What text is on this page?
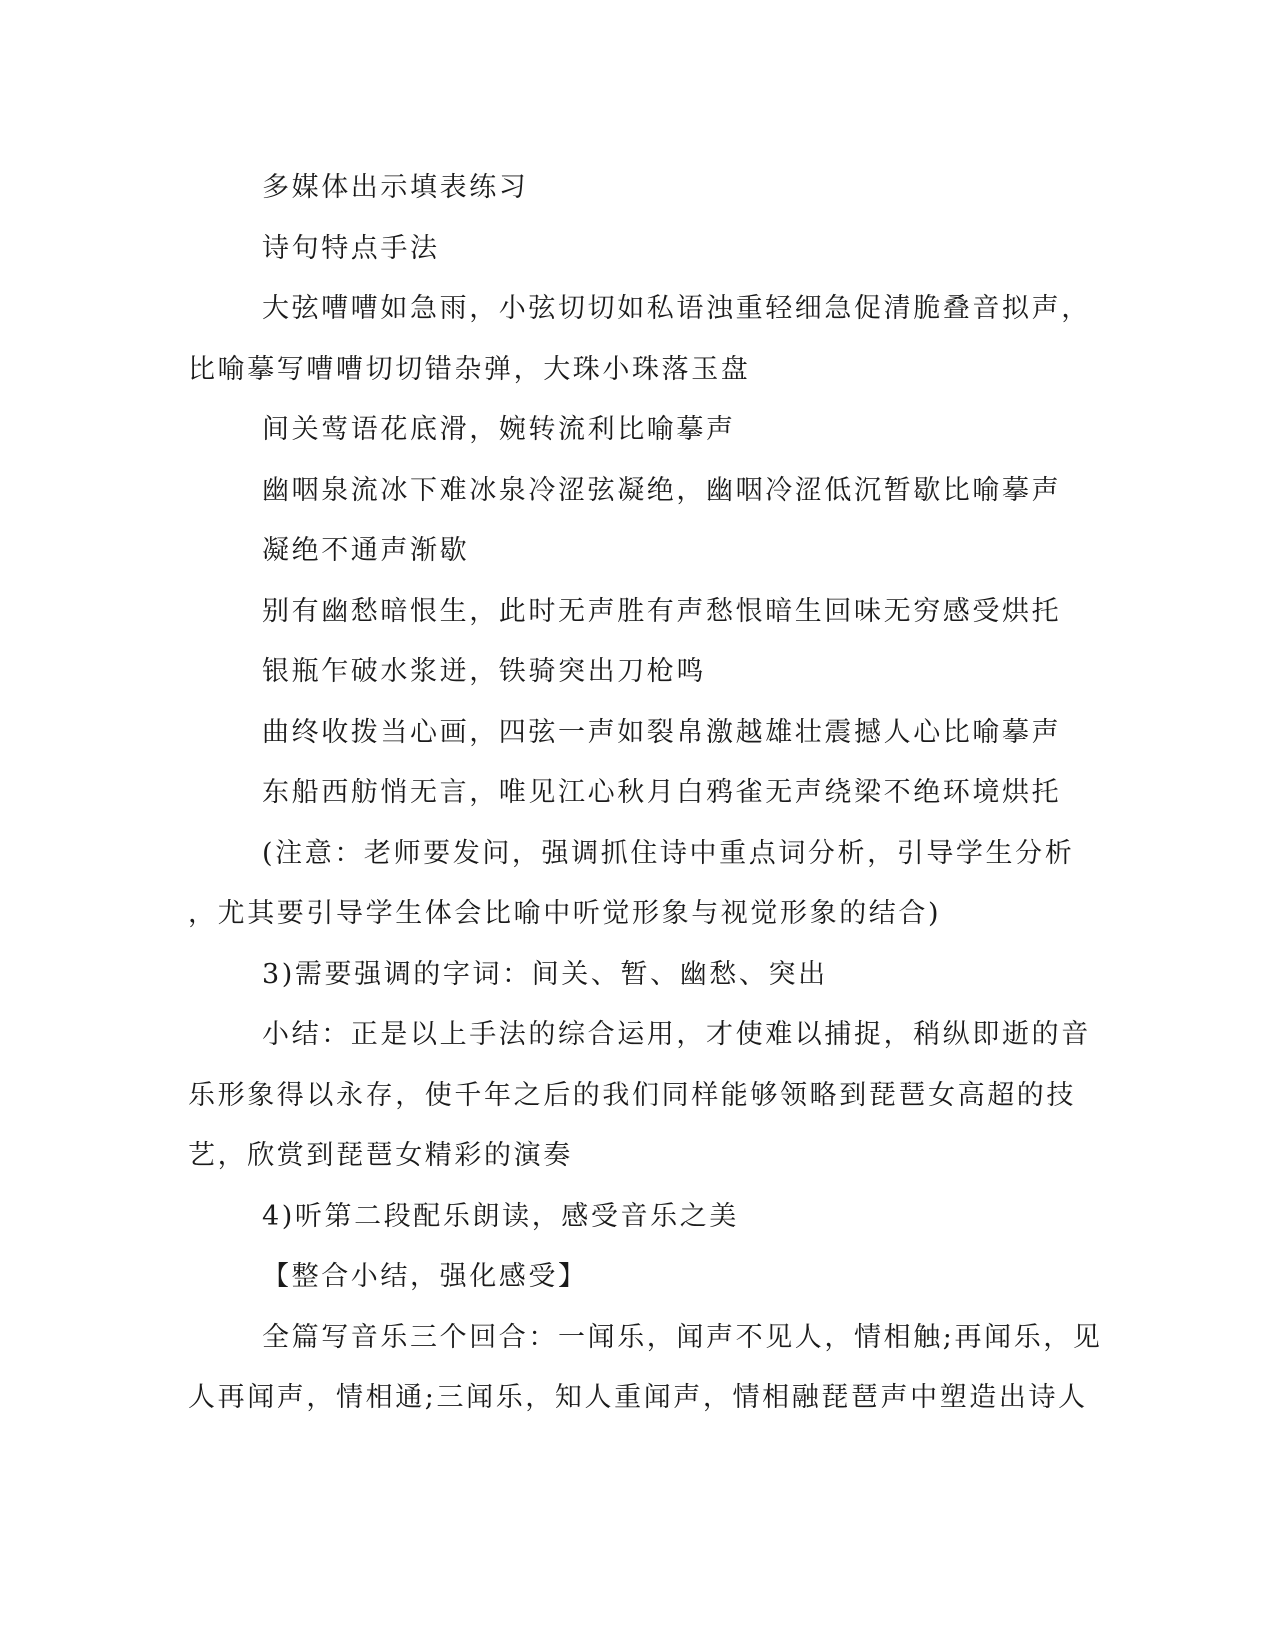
多媒体出示填表练习

诗句特点手法

大弦嘈嘈如急雨，小弦切切如私语浊重轻细急促清脆叠音拟声，
比喻摹写嘈嘈切切错杂弹，大珠小珠落玉盘

间关莺语花底滑，婉转流利比喻摹声

幽咽泉流冰下难冰泉冷涩弦凝绝，幽咽冷涩低沉暂歇比喻摹声

凝绝不通声渐歇

别有幽愁暗恨生，此时无声胜有声愁恨暗生回味无穷感受烘托

银瓶乍破水浆迸，铁骑突出刀枪鸣

曲终收拨当心画，四弦一声如裂帛激越雄壮震撼人心比喻摹声

东船西舫悄无言，唯见江心秋月白鸦雀无声绕梁不绝环境烘托

(注意：老师要发问，强调抓住诗中重点词分析，引导学生分析
，尤其要引导学生体会比喻中听觉形象与视觉形象的结合)

3)需要强调的字词：间关、暂、幽愁、突出

小结：正是以上手法的综合运用，才使难以捕捉，稍纵即逝的音
乐形象得以永存，使千年之后的我们同样能够领略到琵琶女高超的技
艺，欣赏到琵琶女精彩的演奏

4)听第二段配乐朗读，感受音乐之美

【整合小结，强化感受】

全篇写音乐三个回合：一闻乐，闻声不见人，情相触;再闻乐，见
人再闻声，情相通;三闻乐，知人重闻声，情相融琵琶声中塑造出诗人
